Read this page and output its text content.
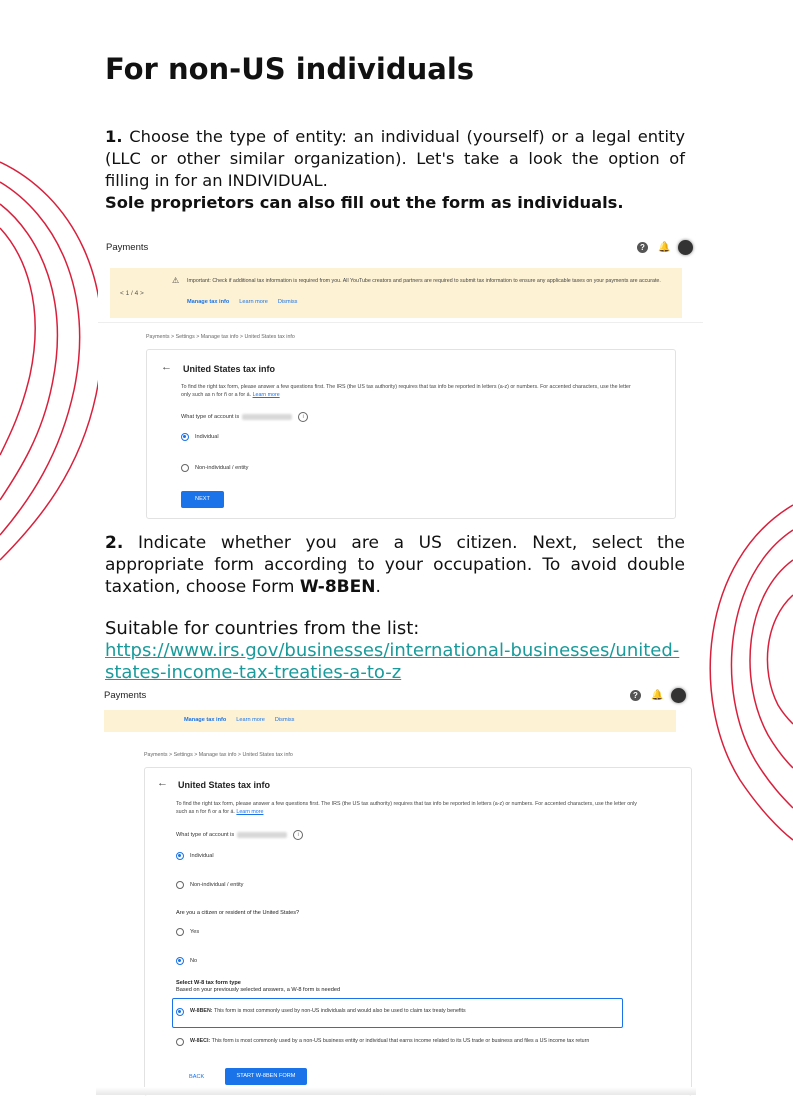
For non-US individuals

1. Choose the type of entity: an individual (yourself) or a legal entity (LLC or other similar organization). Let's take a look the option of filling in for an INDIVIDUAL.
Sole proprietors can also fill out the form as individuals.

Payments	?	🔔
< 1 / 4 >
⚠ Important: Check if additional tax information is required from you. All YouTube creators and partners are required to submit tax information to ensure any applicable taxes on your payments are accurate.
Manage tax info Learn more Dismiss
Payments > Settings > Manage tax info > United States tax info
← United States tax info
To find the right tax form, please answer a few questions first. The IRS (the US tax authority) requires that tax info be reported in letters (a-z) or numbers. For accented characters, use the letter only such as n for ñ or a for á. Learn more
What type of account is	i
Individual
Non-individual / entity
NEXT

2. Indicate whether you are a US citizen. Next, select the appropriate form according to your occupation. To avoid double taxation, choose Form W-8BEN.

Suitable for countries from the list:

https://www.irs.gov/businesses/international-businesses/united-states-income-tax-treaties-a-to-z
Payments	?	🔔
Manage tax info Learn more Dismiss
Payments > Settings > Manage tax info > United States tax info
← United States tax info
To find the right tax form, please answer a few questions first. The IRS (the US tax authority) requires that tax info be reported in letters (a-z) or numbers. For accented characters, use the letter only such as n for ñ or a for á. Learn more
What type of account is	i
Individual
Non-individual / entity
Are you a citizen or resident of the United States?
Yes
No
Select W-8 tax form type
Based on your previously selected answers, a W-8 form is needed
W-8BEN: This form is most commonly used by non-US individuals and would also be used to claim tax treaty benefits
W-8ECI: This form is most commonly used by a non-US business entity or individual that earns income related to its US trade or business and files a US income tax return
BACK	START W-8BEN FORM
